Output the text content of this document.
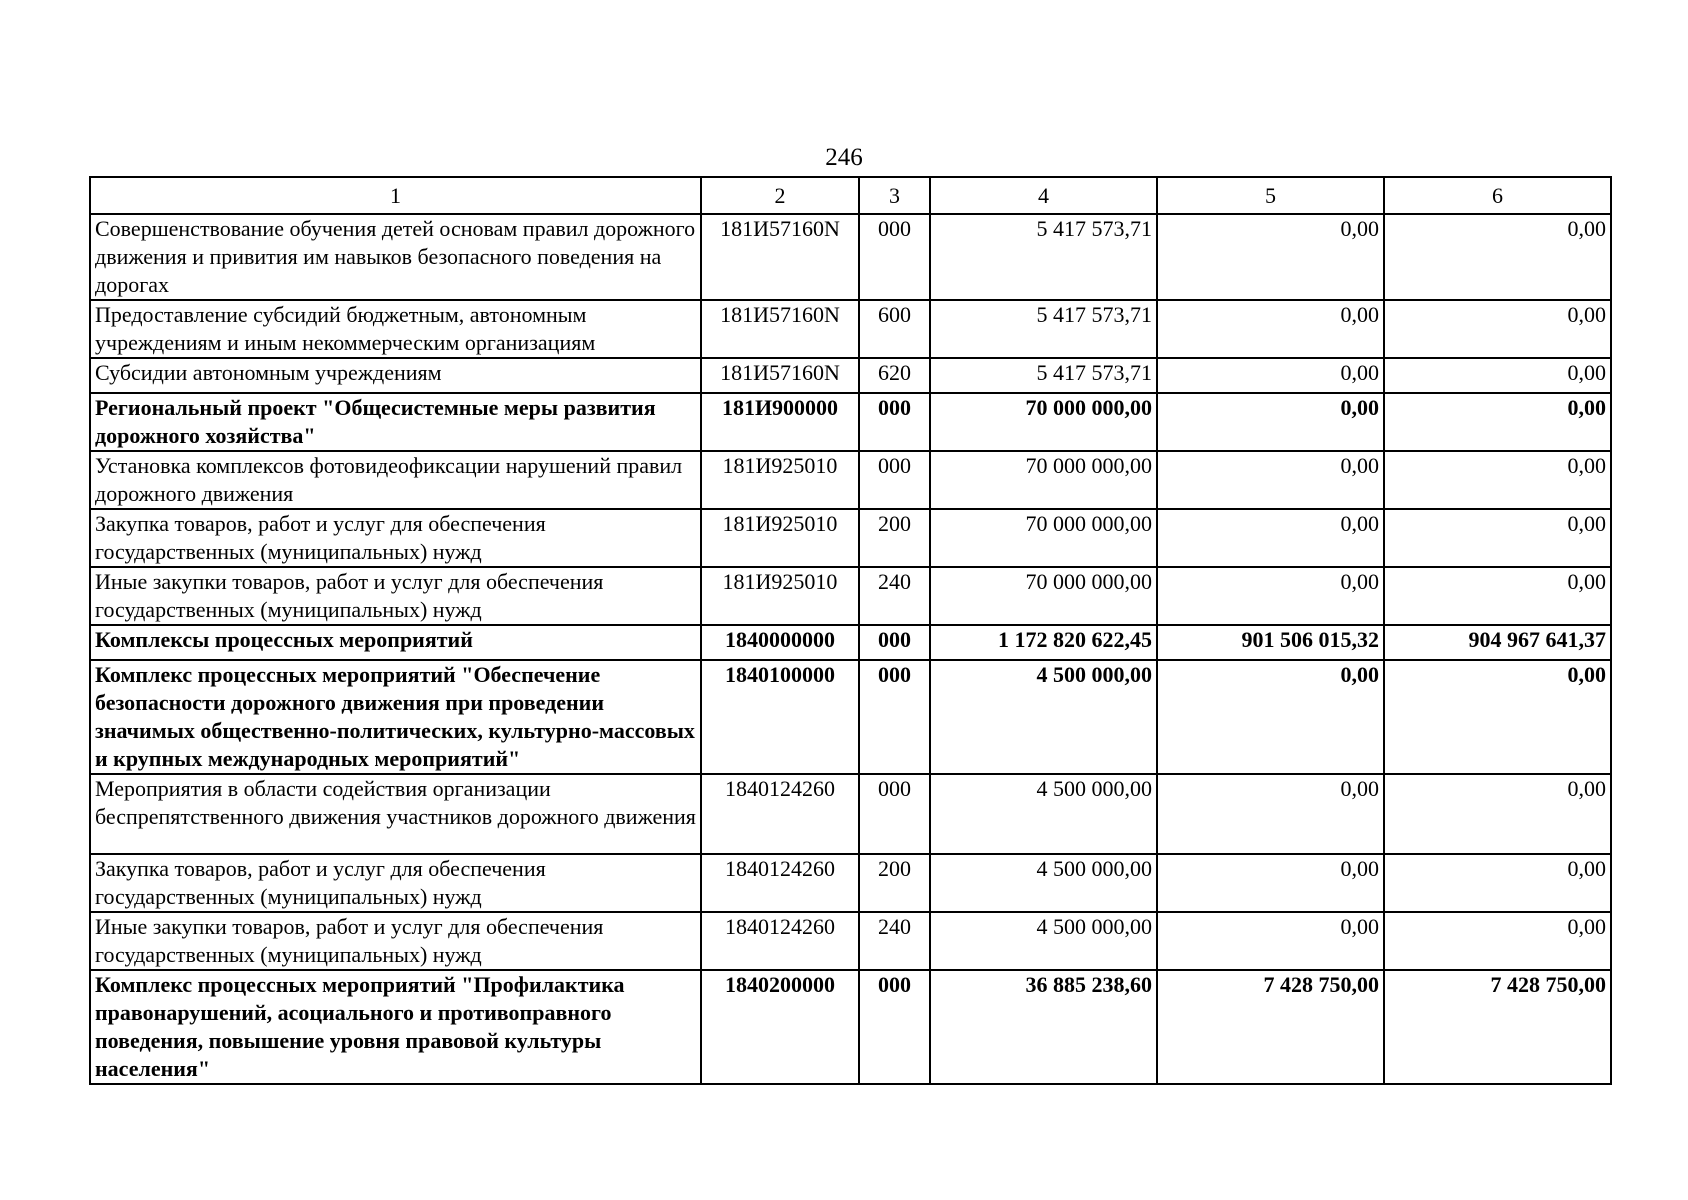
246
1	2	3	4	5	6
Совершенствование обучения детей основам правил дорожного движения и привития им навыков безопасного поведения на дорогах	181И57160N	000	5 417 573,71	0,00	0,00
Предоставление субсидий бюджетным, автономным учреждениям и иным некоммерческим организациям	181И57160N	600	5 417 573,71	0,00	0,00
Субсидии автономным учреждениям	181И57160N	620	5 417 573,71	0,00	0,00
Региональный проект "Общесистемные меры развития дорожного хозяйства"	181И900000	000	70 000 000,00	0,00	0,00
Установка комплексов фотовидеофиксации нарушений правил дорожного движения	181И925010	000	70 000 000,00	0,00	0,00
Закупка товаров, работ и услуг для обеспечения государственных (муниципальных) нужд	181И925010	200	70 000 000,00	0,00	0,00
Иные закупки товаров, работ и услуг для обеспечения государственных (муниципальных) нужд	181И925010	240	70 000 000,00	0,00	0,00
Комплексы процессных мероприятий	1840000000	000	1 172 820 622,45	901 506 015,32	904 967 641,37
Комплекс процессных мероприятий "Обеспечение безопасности дорожного движения при проведении значимых общественно-политических, культурно-массовых и крупных международных мероприятий"	1840100000	000	4 500 000,00	0,00	0,00
Мероприятия в области содействия организации беспрепятственного движения участников дорожного движения	1840124260	000	4 500 000,00	0,00	0,00
Закупка товаров, работ и услуг для обеспечения государственных (муниципальных) нужд	1840124260	200	4 500 000,00	0,00	0,00
Иные закупки товаров, работ и услуг для обеспечения государственных (муниципальных) нужд	1840124260	240	4 500 000,00	0,00	0,00
Комплекс процессных мероприятий "Профилактика правонарушений, асоциального и противоправного поведения, повышение уровня правовой культуры населения"	1840200000	000	36 885 238,60	7 428 750,00	7 428 750,00
